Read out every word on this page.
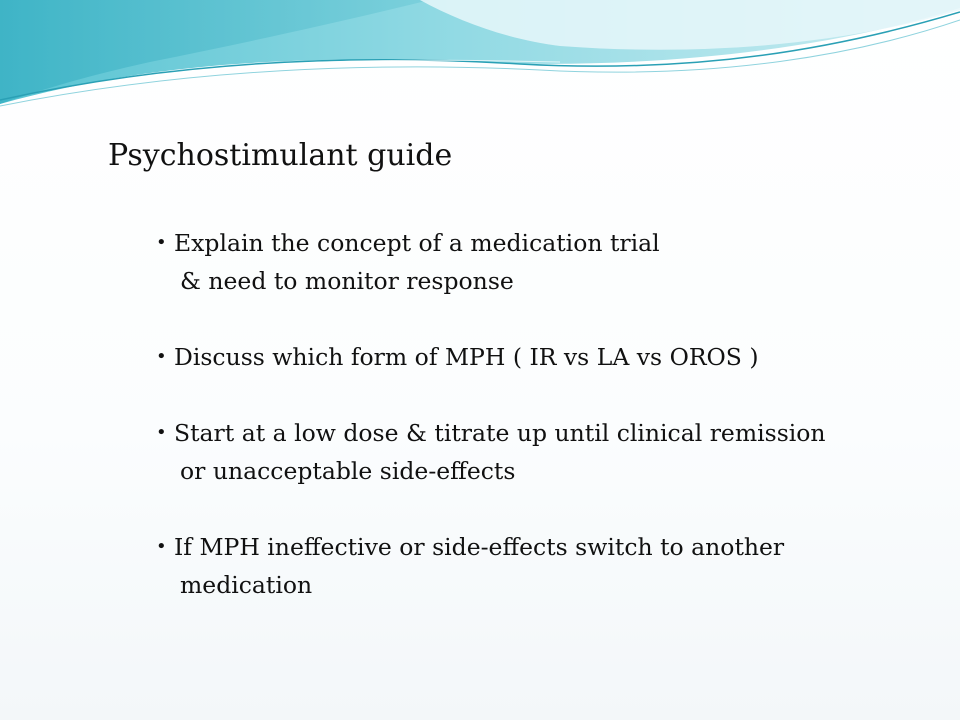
Psychostimulant guide
• Explain the concept of a medication trial
& need to monitor response
• Discuss which form of MPH ( IR vs LA vs OROS )
• Start at a low dose & titrate up until clinical remission
or unacceptable side-effects
• If MPH ineffective or side-effects switch to another
medication
